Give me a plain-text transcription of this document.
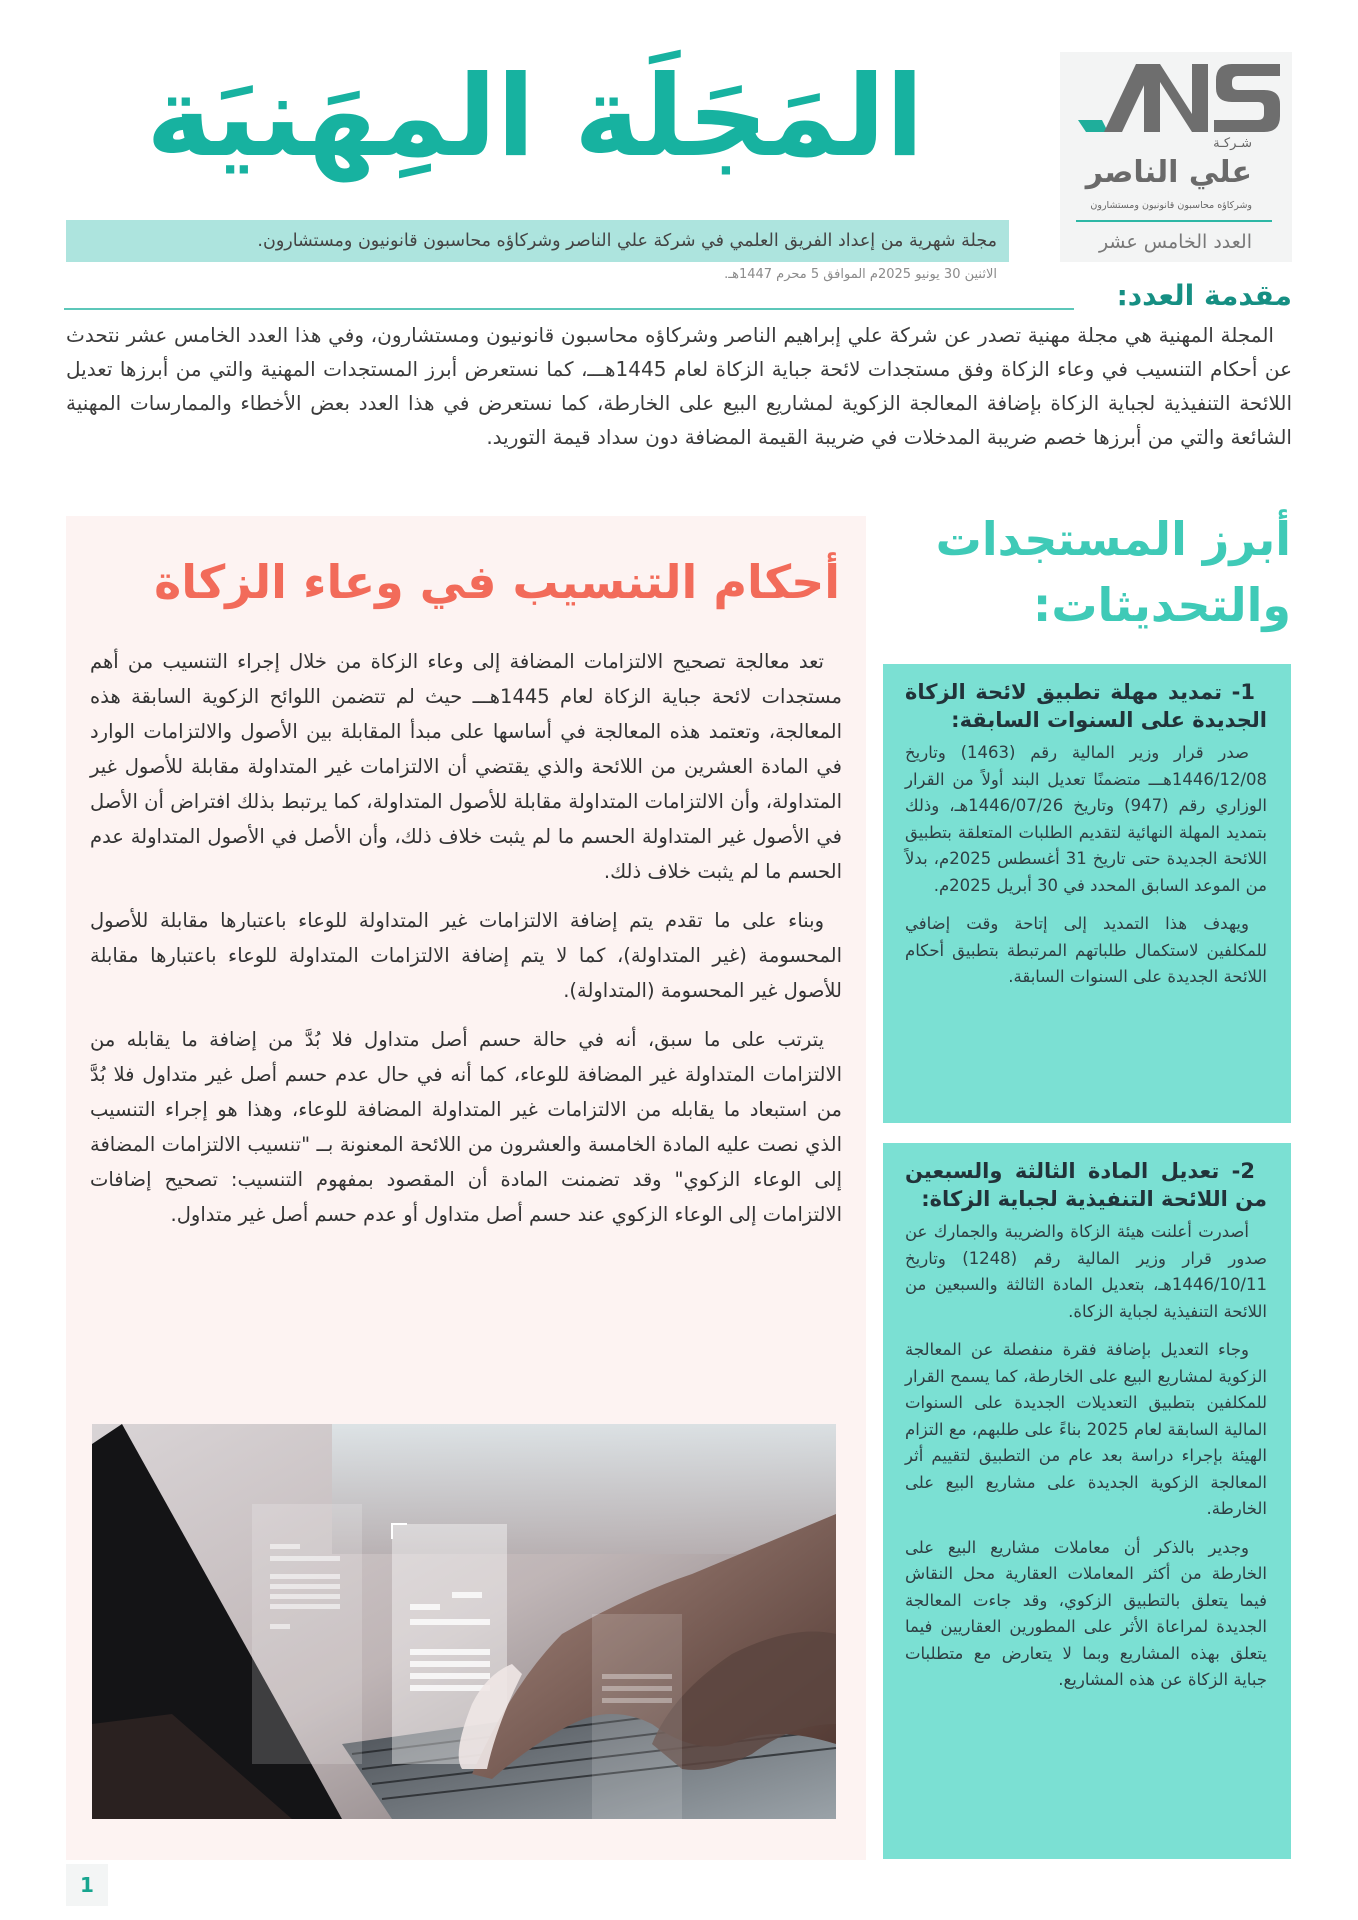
المَجَلَة المِهَنيَة	شـركـة
علي الناصر
وشركاؤه محاسبون قانونيون ومستشارون
العدد الخامس عشر
مجلة شهرية من إعداد الفريق العلمي في شركة علي الناصر وشركاؤه محاسبون قانونيون ومستشارون.
الاثنين 30 يونيو 2025م الموافق 5 محرم 1447هـ.
مقدمة العدد:
المجلة المهنية هي مجلة مهنية تصدر عن شركة علي إبراهيم الناصر وشركاؤه محاسبون قانونيون ومستشارون، وفي هذا العدد الخامس عشر نتحدث عن أحكام التنسيب في وعاء الزكاة وفق مستجدات لائحة جباية الزكاة لعام 1445هـــ، كما نستعرض أبرز المستجدات المهنية والتي من أبرزها تعديل اللائحة التنفيذية لجباية الزكاة بإضافة المعالجة الزكوية لمشاريع البيع على الخارطة، كما نستعرض في هذا العدد بعض الأخطاء والممارسات المهنية الشائعة والتي من أبرزها خصم ضريبة المدخلات في ضريبة القيمة المضافة دون سداد قيمة التوريد.
أحكام التنسيب في وعاء الزكاة

تعد معالجة تصحيح الالتزامات المضافة إلى وعاء الزكاة من خلال إجراء التنسيب من أهم مستجدات لائحة جباية الزكاة لعام 1445هـــ حيث لم تتضمن اللوائح الزكوية السابقة هذه المعالجة، وتعتمد هذه المعالجة في أساسها على مبدأ المقابلة بين الأصول والالتزامات الوارد في المادة العشرين من اللائحة والذي يقتضي أن الالتزامات غير المتداولة مقابلة للأصول غير المتداولة، وأن الالتزامات المتداولة مقابلة للأصول المتداولة، كما يرتبط بذلك افتراض أن الأصل في الأصول غير المتداولة الحسم ما لم يثبت خلاف ذلك، وأن الأصل في الأصول المتداولة عدم الحسم ما لم يثبت خلاف ذلك.

وبناء على ما تقدم يتم إضافة الالتزامات غير المتداولة للوعاء باعتبارها مقابلة للأصول المحسومة (غير المتداولة)، كما لا يتم إضافة الالتزامات المتداولة للوعاء باعتبارها مقابلة للأصول غير المحسومة (المتداولة).

يترتب على ما سبق، أنه في حالة حسم أصل متداول فلا بُدَّ من إضافة ما يقابله من الالتزامات المتداولة غير المضافة للوعاء، كما أنه في حال عدم حسم أصل غير متداول فلا بُدَّ من استبعاد ما يقابله من الالتزامات غير المتداولة المضافة للوعاء، وهذا هو إجراء التنسيب الذي نصت عليه المادة الخامسة والعشرون من اللائحة المعنونة بــ "تنسيب الالتزامات المضافة إلى الوعاء الزكوي" وقد تضمنت المادة أن المقصود بمفهوم التنسيب: تصحيح إضافات الالتزامات إلى الوعاء الزكوي عند حسم أصل متداول أو عدم حسم أصل غير متداول.

أبرز المستجدات والتحديثات:
1- تمديد مهلة تطبيق لائحة الزكاة الجديدة على السنوات السابقة:

صدر قرار وزير المالية رقم (1463) وتاريخ 1446/12/08هـــ متضمنًا تعديل البند أولاً من القرار الوزاري رقم (947) وتاريخ 1446/07/26هـ، وذلك بتمديد المهلة النهائية لتقديم الطلبات المتعلقة بتطبيق اللائحة الجديدة حتى تاريخ 31 أغسطس 2025م، بدلاً من الموعد السابق المحدد في 30 أبريل 2025م.

ويهدف هذا التمديد إلى إتاحة وقت إضافي للمكلفين لاستكمال طلباتهم المرتبطة بتطبيق أحكام اللائحة الجديدة على السنوات السابقة.

2- تعديل المادة الثالثة والسبعين من اللائحة التنفيذية لجباية الزكاة:

أصدرت أعلنت هيئة الزكاة والضريبة والجمارك عن صدور قرار وزير المالية رقم (1248) وتاريخ 1446/10/11هـ، بتعديل المادة الثالثة والسبعين من اللائحة التنفيذية لجباية الزكاة.

وجاء التعديل بإضافة فقرة منفصلة عن المعالجة الزكوية لمشاريع البيع على الخارطة، كما يسمح القرار للمكلفين بتطبيق التعديلات الجديدة على السنوات المالية السابقة لعام 2025 بناءً على طلبهم، مع التزام الهيئة بإجراء دراسة بعد عام من التطبيق لتقييم أثر المعالجة الزكوية الجديدة على مشاريع البيع على الخارطة.

وجدير بالذكر أن معاملات مشاريع البيع على الخارطة من أكثر المعاملات العقارية محل النقاش فيما يتعلق بالتطبيق الزكوي، وقد جاءت المعالجة الجديدة لمراعاة الأثر على المطورين العقاريين فيما يتعلق بهذه المشاريع وبما لا يتعارض مع متطلبات جباية الزكاة عن هذه المشاريع.

1
